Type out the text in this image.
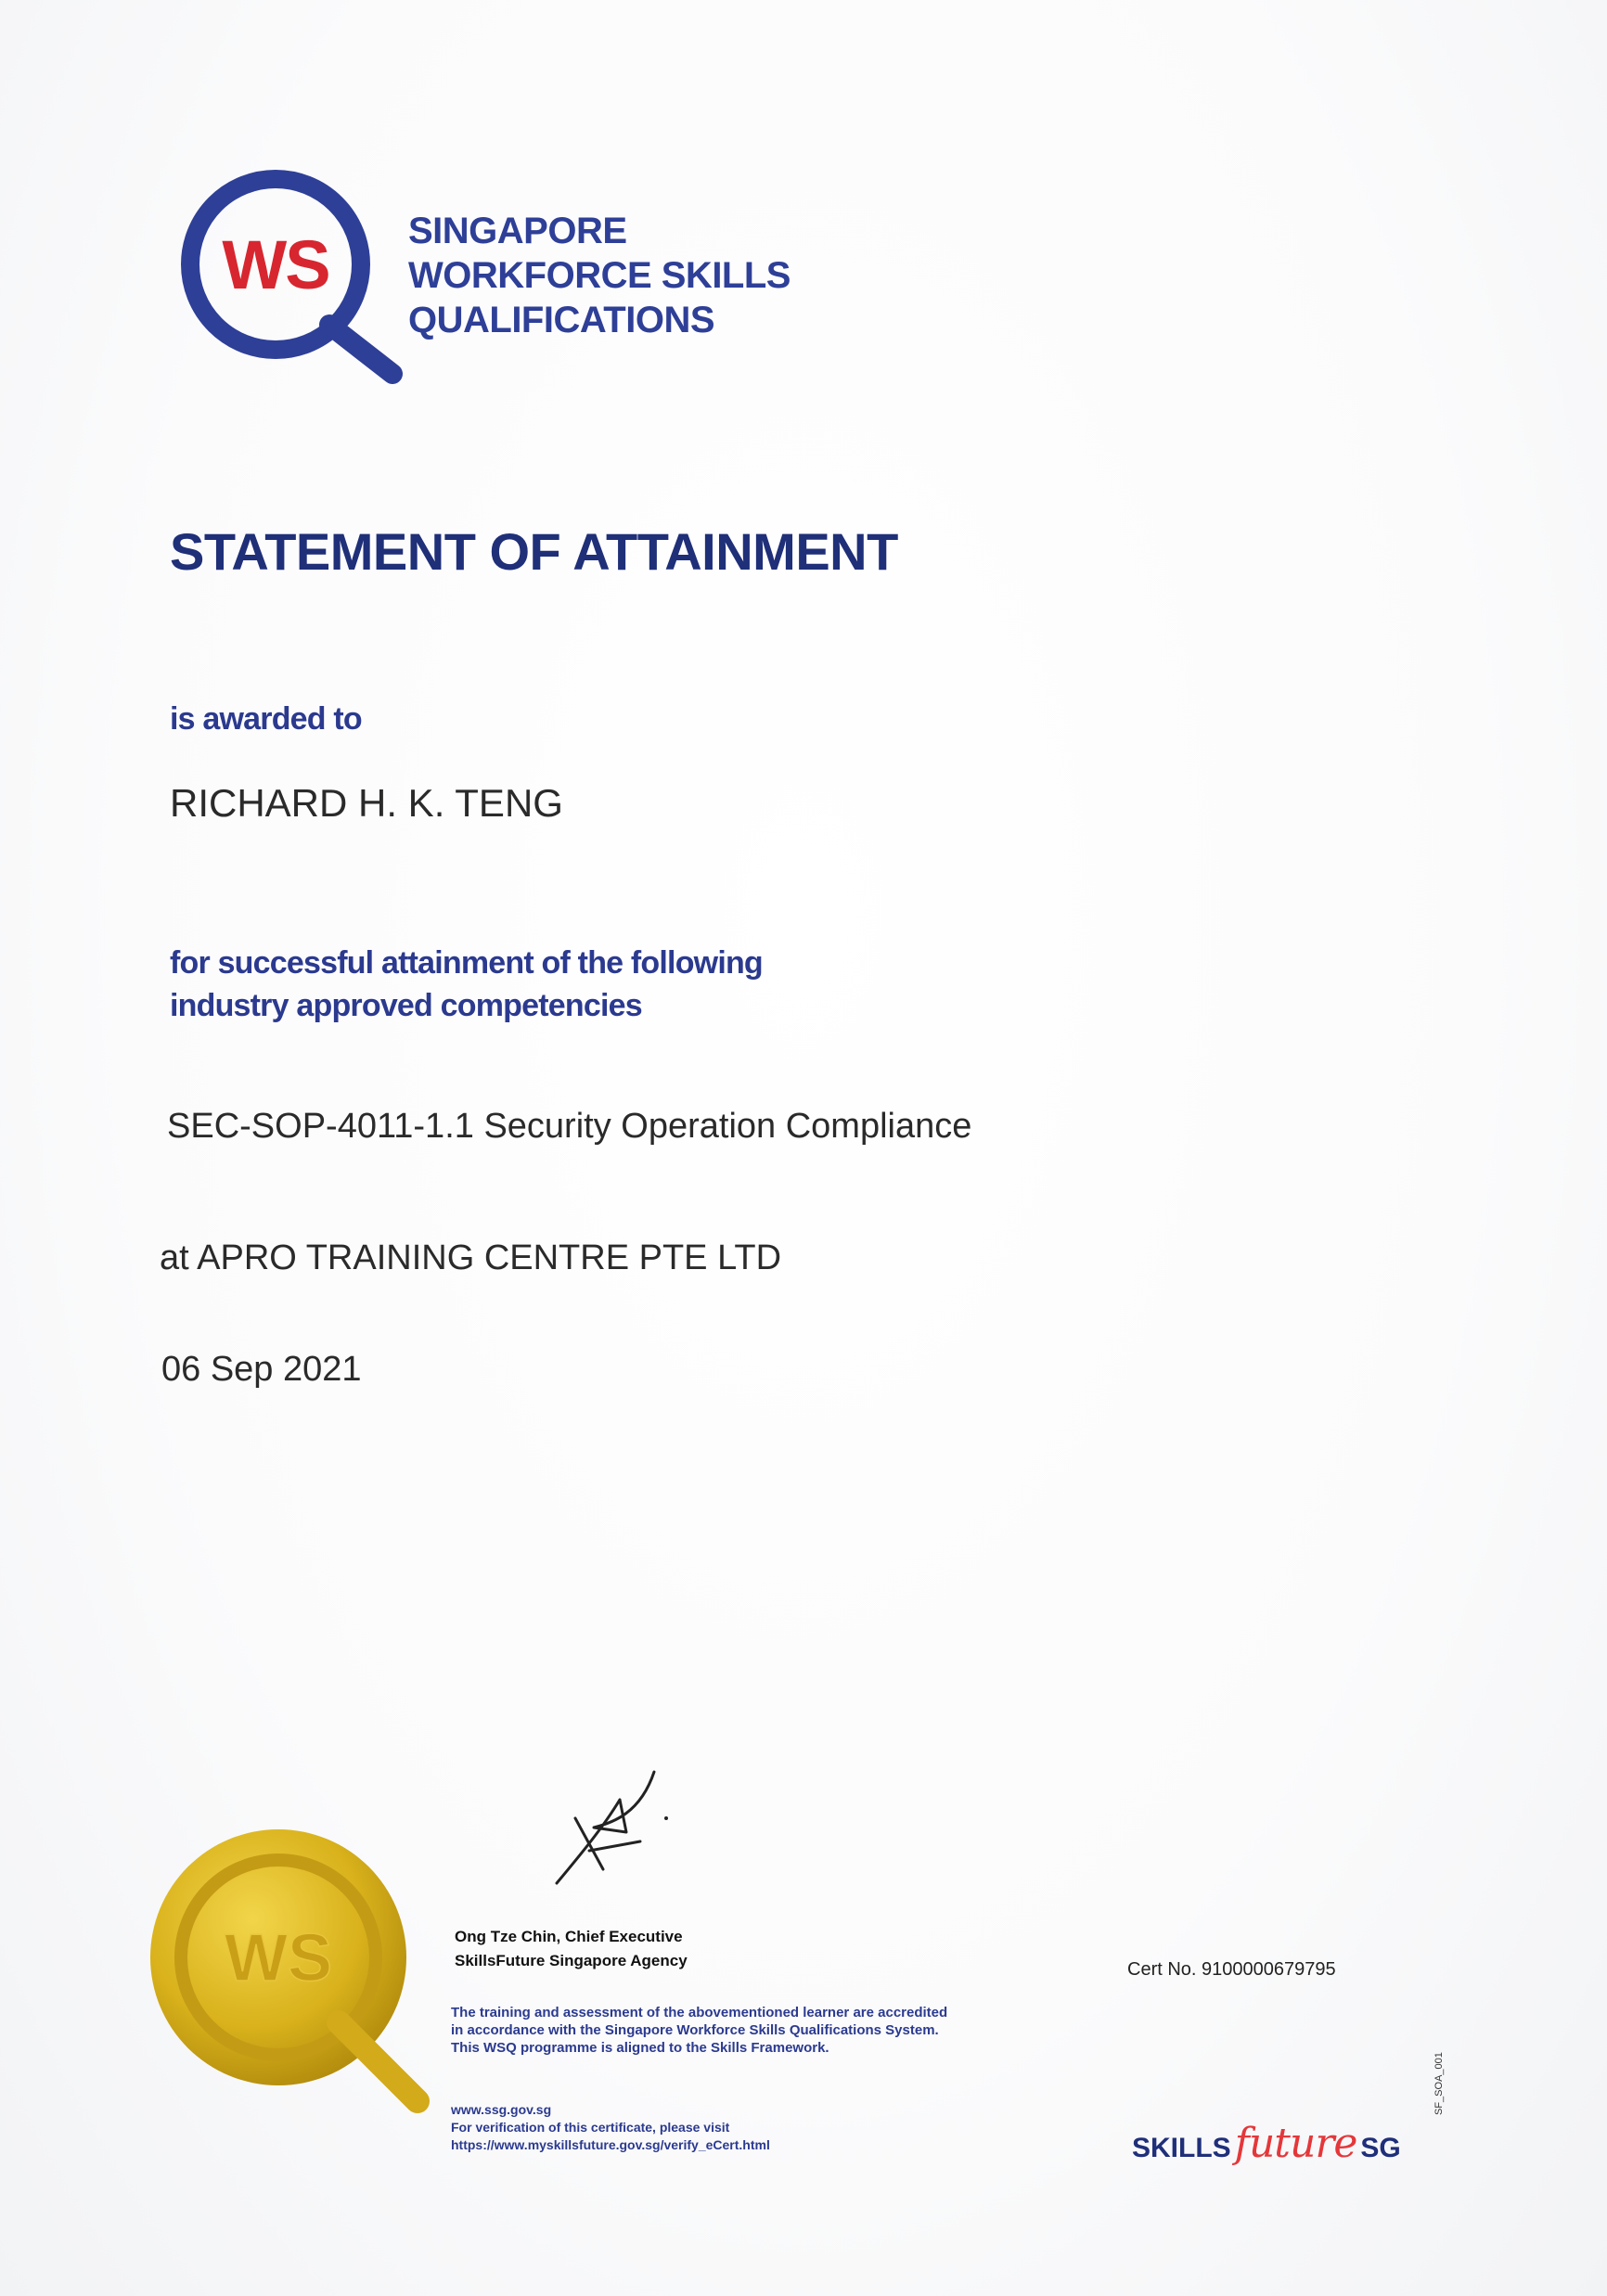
WS SINGAPORE
WORKFORCE SKILLS
QUALIFICATIONS
STATEMENT OF ATTAINMENT
is awarded to
RICHARD H. K. TENG
for successful attainment of the following
industry approved competencies
SEC-SOP-4011-1.1 Security Operation Compliance
at APRO TRAINING CENTRE PTE LTD
06 Sep 2021
WS	Ong Tze Chin, Chief Executive
SkillsFuture Singapore Agency
The training and assessment of the abovementioned learner are accredited
in accordance with the Singapore Workforce Skills Qualifications System.
This WSQ programme is aligned to the Skills Framework.
www.ssg.gov.sg
For verification of this certificate, please visit
https://www.myskillsfuture.gov.sg/verify_eCert.html
Cert No. 9100000679795
SKILLS future SG
SF_SOA_001
